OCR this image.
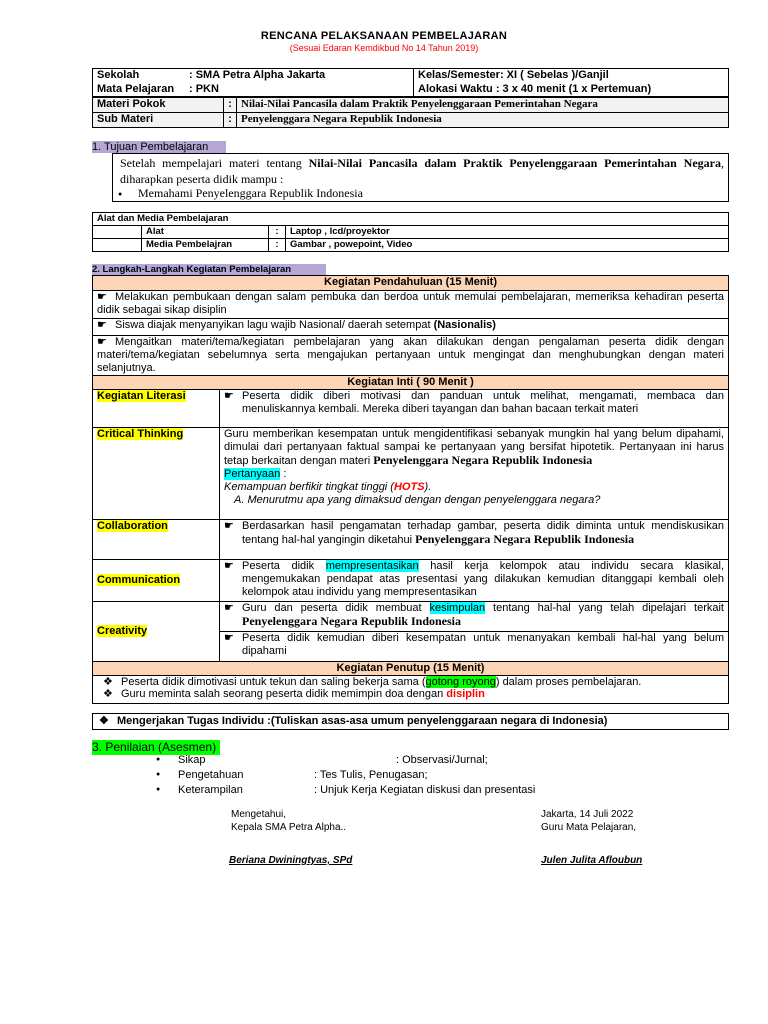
RENCANA PELAKSANAAN PEMBELAJARAN
(Sesuai Edaran Kemdikbud No 14 Tahun 2019)
Sekolah : SMA Petra Alpha Jakarta	Kelas/Semester: XI ( Sebelas )/Ganjil
Mata Pelajaran : PKN	Alokasi Waktu : 3 x 40 menit (1 x Pertemuan)
Materi Pokok	:	Nilai-Nilai Pancasila dalam Praktik Penyelenggaraan Pemerintahan Negara
Sub Materi	:	Penyelenggara Negara Republik Indonesia
1. Tujuan Pembelajaran
Setelah mempelajari materi tentang Nilai-Nilai Pancasila dalam Praktik Penyelenggaraan Pemerintahan Negara, diharapkan peserta didik mampu :
● Memahami Penyelenggara Republik Indonesia
Alat dan Media Pembelajaran			
	Alat	:	Laptop , lcd/proyektor
	Media Pembelajran	:	Gambar , powepoint, Video
2. Langkah-Langkah Kegiatan Pembelajaran
Kegiatan Pendahuluan (15 Menit)	
☛ Melakukan pembukaan dengan salam pembuka dan berdoa untuk memulai pembelajaran, memeriksa kehadiran peserta didik sebagai sikap disiplin	
☛ Siswa diajak menyanyikan lagu wajib Nasional/ daerah setempat (Nasionalis)	
☛ Mengaitkan materi/tema/kegiatan pembelajaran yang akan dilakukan dengan pengalaman peserta didik dengan materi/tema/kegiatan sebelumnya serta mengajukan pertanyaan untuk mengingat dan menghubungkan dengan materi selanjutnya.	
Kegiatan Inti ( 90 Menit )	
Kegiatan Literasi	☛ Peserta didik diberi motivasi dan panduan untuk melihat, mengamati, membaca dan menuliskannya kembali. Mereka diberi tayangan dan bahan bacaan terkait materi

Critical Thinking	Guru memberikan kesempatan untuk mengidentifikasi sebanyak mungkin hal yang belum dipahami, dimulai dari pertanyaan faktual sampai ke pertanyaan yang bersifat hipotetik. Pertanyaan ini harus tetap berkaitan dengan materi Penyelenggara Negara Republik Indonesia
Pertanyaan :
Kemampuan berfikir tingkat tinggi (HOTS).
A. Menurutmu apa yang dimaksud dengan dengan penyelenggara negara?

Collaboration	☛ Berdasarkan hasil pengamatan terhadap gambar, peserta didik diminta untuk mendiskusikan tentang hal-hal yangingin diketahui Penyelenggara Negara Republik Indonesia

Communication	☛ Peserta didik mempresentasikan hasil kerja kelompok atau individu secara klasikal, mengemukakan pendapat atas presentasi yang dilakukan kemudian ditanggapi kembali oleh kelompok atau individu yang mempresentasikan

Creativity	☛ Guru dan peserta didik membuat kesimpulan tentang hal-hal yang telah dipelajari terkait Penyelenggara Negara Republik Indonesia

	☛ Peserta didik kemudian diberi kesempatan untuk menanyakan kembali hal-hal yang belum dipahami

Kegiatan Penutup (15 Menit)	

❖ Peserta didik dimotivasi untuk tekun dan saling bekerja sama (gotong royong) dalam proses pembelajaran.
❖ Guru meminta salah seorang peserta didik memimpin doa dengan disiplin	
❖ Mengerjakan Tugas Individu :(Tuliskan asas-asa umum penyelenggaraan negara di Indonesia)
3. Penilaian (Asesmen)
● Sikap	: Observasi/Jurnal;
● Pengetahuan	: Tes Tulis, Penugasan;
● Keterampilan	: Unjuk Kerja Kegiatan diskusi dan presentasi
Mengetahui,
Kepala SMA Petra Alpha..
Beriana Dwiningtyas, SPd
Jakarta, 14 Juli 2022
Guru Mata Pelajaran,
Julen Julita Afloubun
